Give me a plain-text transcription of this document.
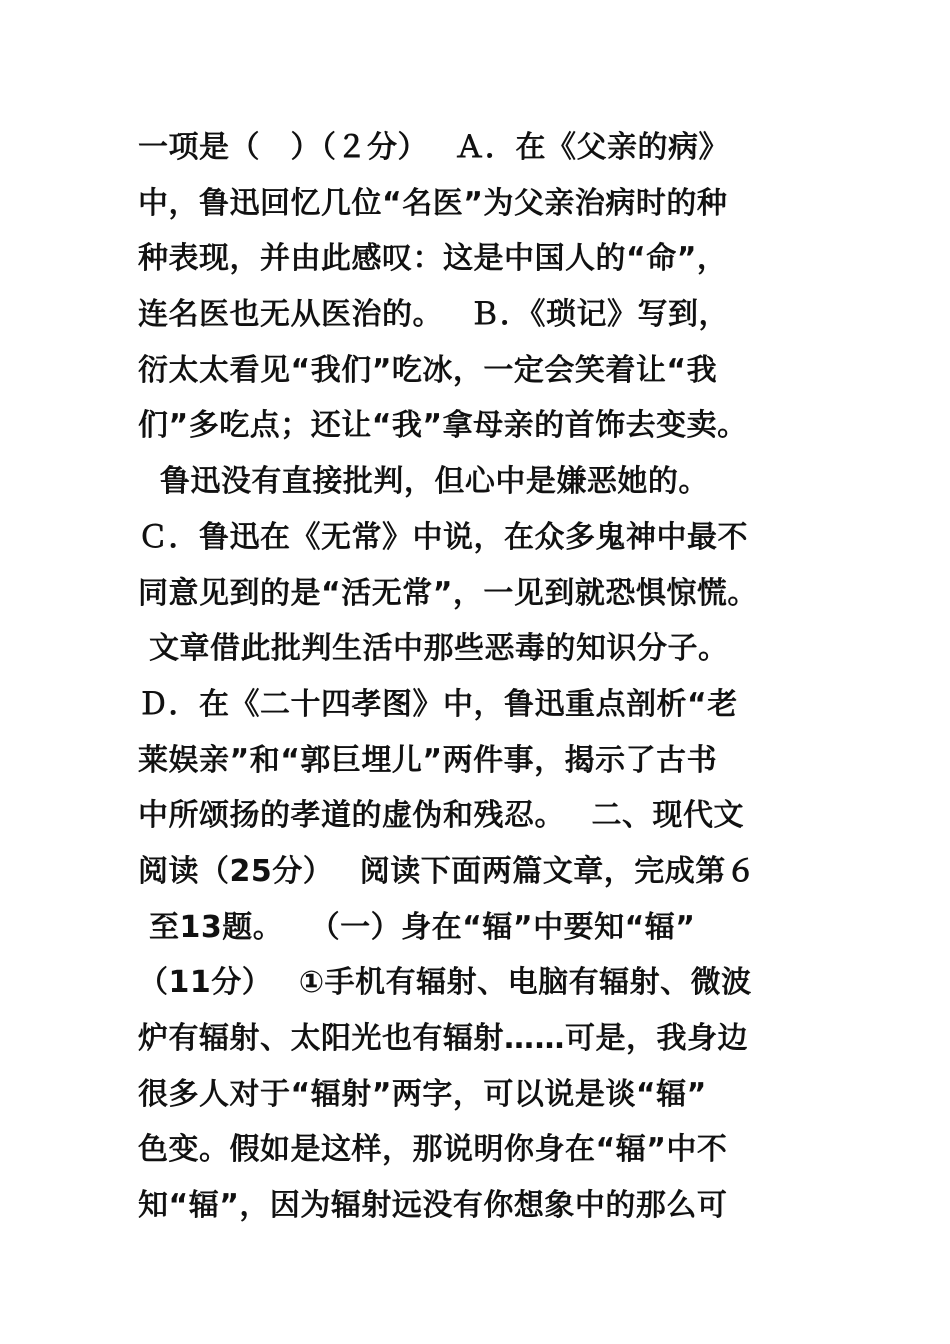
一项是（　）（２分）　 Ａ．在《父亲的病》
中，鲁迅回忆几位“名医”为父亲治病时的种
种表现，并由此感叹：这是中国人的“命”，
连名医也无从医治的。　 Ｂ．《琐记》写到，
衍太太看见“我们”吃冰，一定会笑着让“我
们”多吃点；还让“我”拿母亲的首饰去变卖。
鲁迅没有直接批判，但心中是嫌恶她的。
Ｃ．鲁迅在《无常》中说，在众多鬼神中最不
同意见到的是“活无常”，一见到就恐惧惊慌。
文章借此批判生活中那些恶毒的知识分子。
Ｄ．在《二十四孝图》中，鲁迅重点剖析“老
莱娱亲”和“郭巨埋儿”两件事，揭示了古书
中所颂扬的孝道的虚伪和残忍。　 二、现代文
阅读（25分）　 阅读下面两篇文章，完成第６
至13题。　 （一）身在“辐”中要知“辐”
（11分）　 ①手机有辐射、电脑有辐射、微波
炉有辐射、太阳光也有辐射……可是，我身边
很多人对于“辐射”两字，可以说是谈“辐”
色变。假如是这样，那说明你身在“辐”中不
知“辐”，因为辐射远没有你想象中的那么可
